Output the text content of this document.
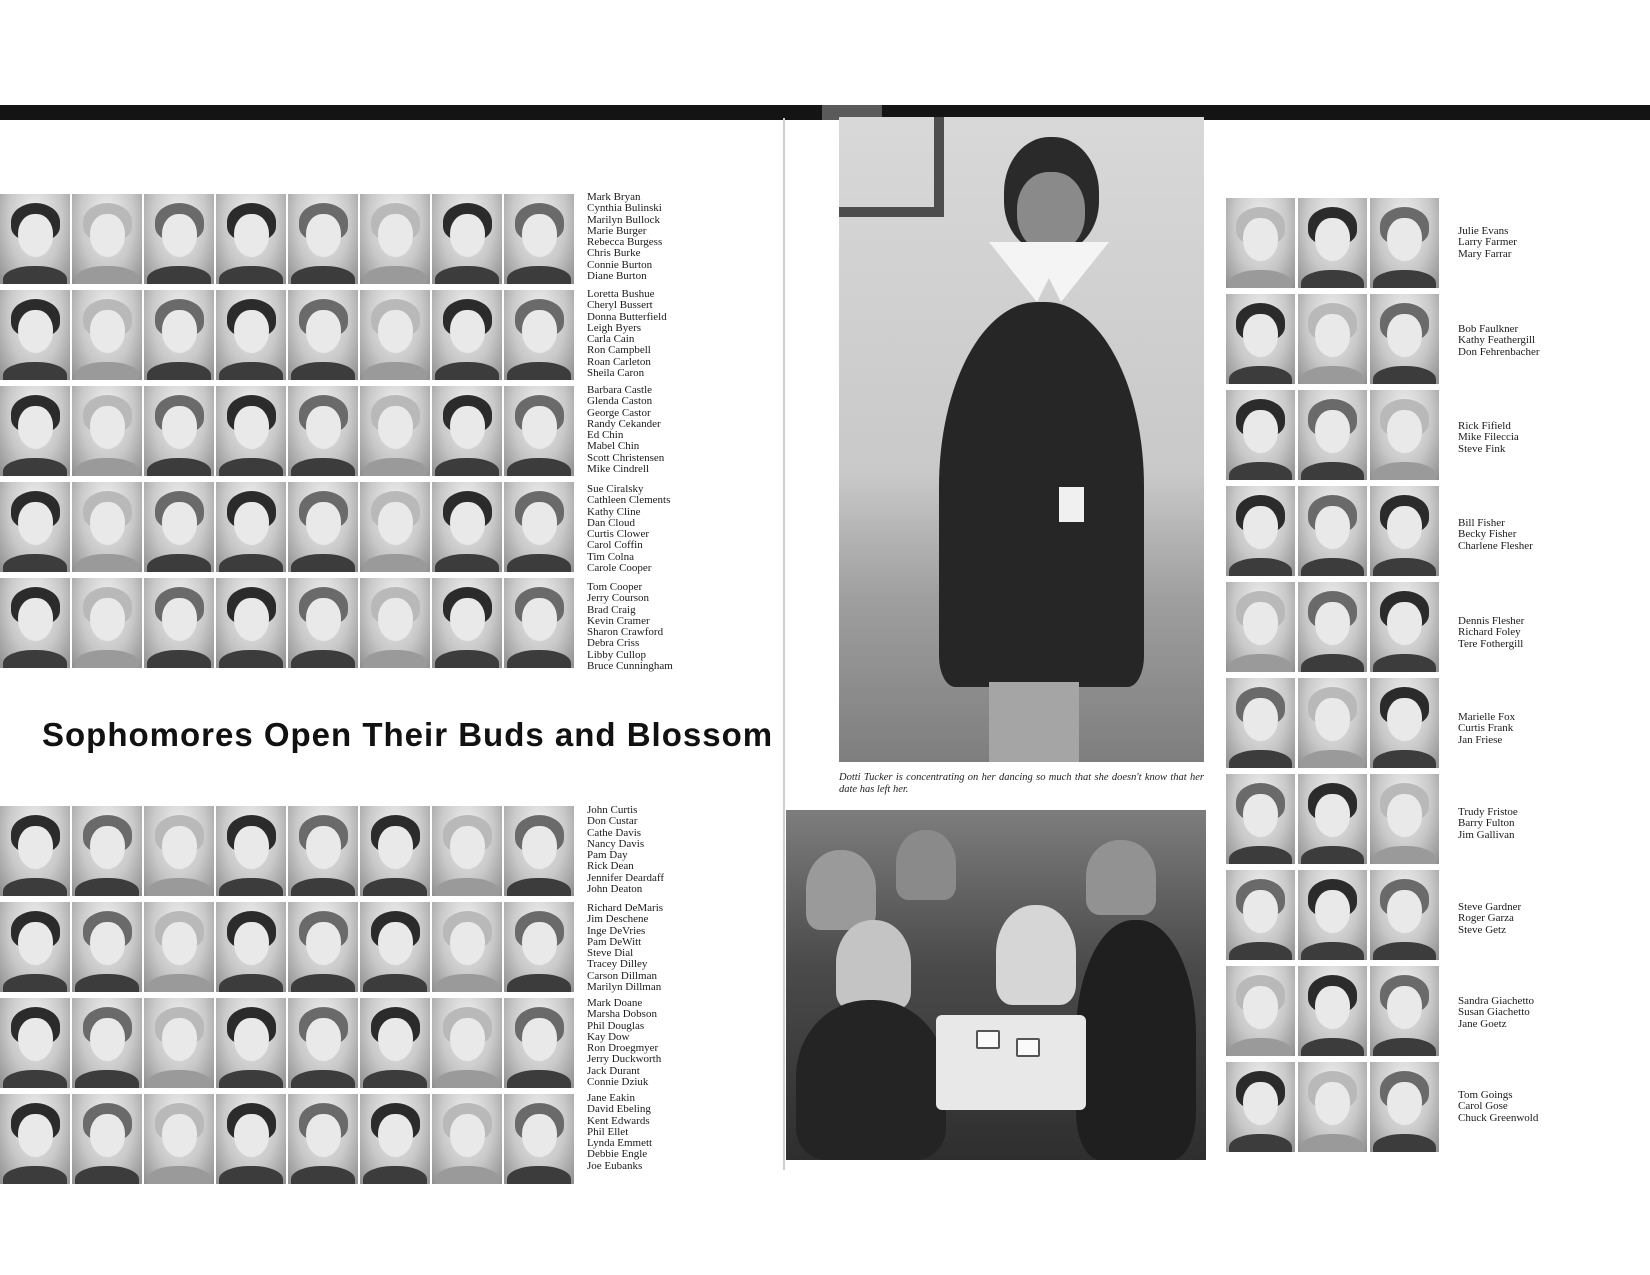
Mark Bryan
Cynthia Bulinski
Marilyn Bullock
Marie Burger
Rebecca Burgess
Chris Burke
Connie Burton
Diane Burton
Loretta Bushue
Cheryl Bussert
Donna Butterfield
Leigh Byers
Carla Cain
Ron Campbell
Roan Carleton
Sheila Caron
Barbara Castle
Glenda Caston
George Castor
Randy Cekander
Ed Chin
Mabel Chin
Scott Christensen
Mike Cindrell
Sue Ciralsky
Cathleen Clements
Kathy Cline
Dan Cloud
Curtis Clower
Carol Coffin
Tim Colna
Carole Cooper
Tom Cooper
Jerry Courson
Brad Craig
Kevin Cramer
Sharon Crawford
Debra Criss
Libby Cullop
Bruce Cunningham
Sophomores Open Their Buds and Blossom
John Curtis
Don Custar
Cathe Davis
Nancy Davis
Pam Day
Rick Dean
Jennifer Deardaff
John Deaton
Richard DeMaris
Jim Deschene
Inge DeVries
Pam DeWitt
Steve Dial
Tracey Dilley
Carson Dillman
Marilyn Dillman
Mark Doane
Marsha Dobson
Phil Douglas
Kay Dow
Ron Droegmyer
Jerry Duckworth
Jack Durant
Connie Dziuk
Jane Eakin
David Ebeling
Kent Edwards
Phil Ellet
Lynda Emmett
Debbie Engle
Joe Eubanks
Dotti Tucker is concentrating on her dancing so much that she doesn't know that her date has left her.
Julie Evans
Larry Farmer
Mary Farrar
Bob Faulkner
Kathy Feathergill
Don Fehrenbacher
Rick Fifield
Mike Fileccia
Steve Fink
Bill Fisher
Becky Fisher
Charlene Flesher
Dennis Flesher
Richard Foley
Tere Fothergill
Marielle Fox
Curtis Frank
Jan Friese
Trudy Fristoe
Barry Fulton
Jim Gallivan
Steve Gardner
Roger Garza
Steve Getz
Sandra Giachetto
Susan Giachetto
Jane Goetz
Tom Goings
Carol Gose
Chuck Greenwold
